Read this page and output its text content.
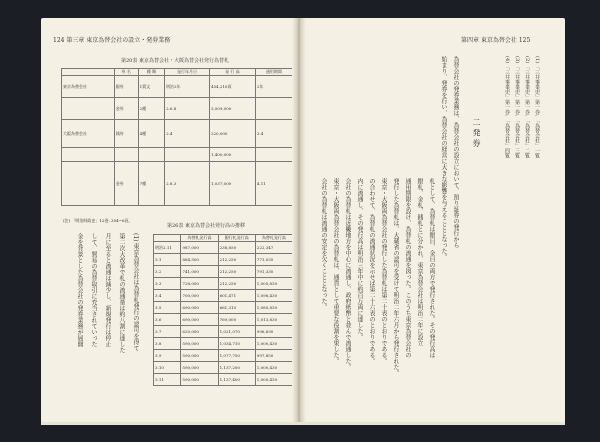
124 第三章 東京為替会社の設立・発券業務
第20表 東京為替会社・大阪為替会社発行為替札
	券 名	種 類	発行年月日	発 行 高	通用期間
東京為替会社	銀券	1貫文	明治2年	454,210両	2年
	金券	2種	2.6.8	3,509,000	
大阪為替会社	銭券	4種	2.4	220,000	3.4
				1,400,000	
	金券	7種	2.8.3	1,037,000	4.11
(注) 「明治財政史」12巻, 354~6頁。
(1) 東京為替会社は為替札発行の認可を得て
第二次大改革で札の流通量は約八割に達した
月に至ると流通は減少し、新規発行は停止
して、貿易の為替取引に充当されていった
金を背景とした為替会社の発券業務が展開
第26表 東京為替会社発行高の推移
	為替札発行高	銀行札発行高	為替札発行高
明治2.11	987,000	238,850	222,347
3.1	864,500	212,250	771,035
3.2	741,000	212,250	791,330
3.3	728,000	212,250	1,005,830
3.4	700,000	601,471	1,096,430
3.5	690,000	661,310	1,085,830
3.6	690,000	769,000	1,013,830
3.7	620,000	1,021,070	996,830
3.8	590,000	1,034,710	1,000,430
3.9	590,000	1,077,750	997,850
3.10	590,000	1,137,200	1,000,430
3.11	590,000	1,137,400	1,000,430
第四章 東京為替会社 125
(1) 「三井事業史」第一巻, 「為替会社」一覧
(2) 「三井事業史」第一巻, 「為替会社」二覧
(3) 「三井事業史」第一巻, 「為替会社」三覧
(4) 「三井事業史」第一巻, 「為替会社」四覧
二 発 券
為替会社の発券業務は、為替会社の設立において、預り証券の発行から
始まり、発券を行い、為替会社の経営に大きな影響を与えることとなった。
札として、為替札は銀目、金目の両方で発行された。その発行高は
銀札、金札、銭札とに分かれ、東京為替会社は明治二年に設立
通用期限を設け、為替札の流通を図った。このうち東京為替会社の
発行した為替札は、大蔵省の認可を受けて明治二年六月から発行された。
東京・大阪両為替会社の発行した為替札は第二十表のとおりである。
の合わせて、為替札の流通状況を示せば第二十六表のとおりである。
内に流通し、その発行高は明治三年中に約百万両に達した。
会社の為替札は近畿地方を中心に流通し、政府紙幣と並んで流通した。
東京・大阪両為替会社の為替札は、通貨として重要な役割を果した。
会社の為替札は流通の安定を欠くこととなった。
